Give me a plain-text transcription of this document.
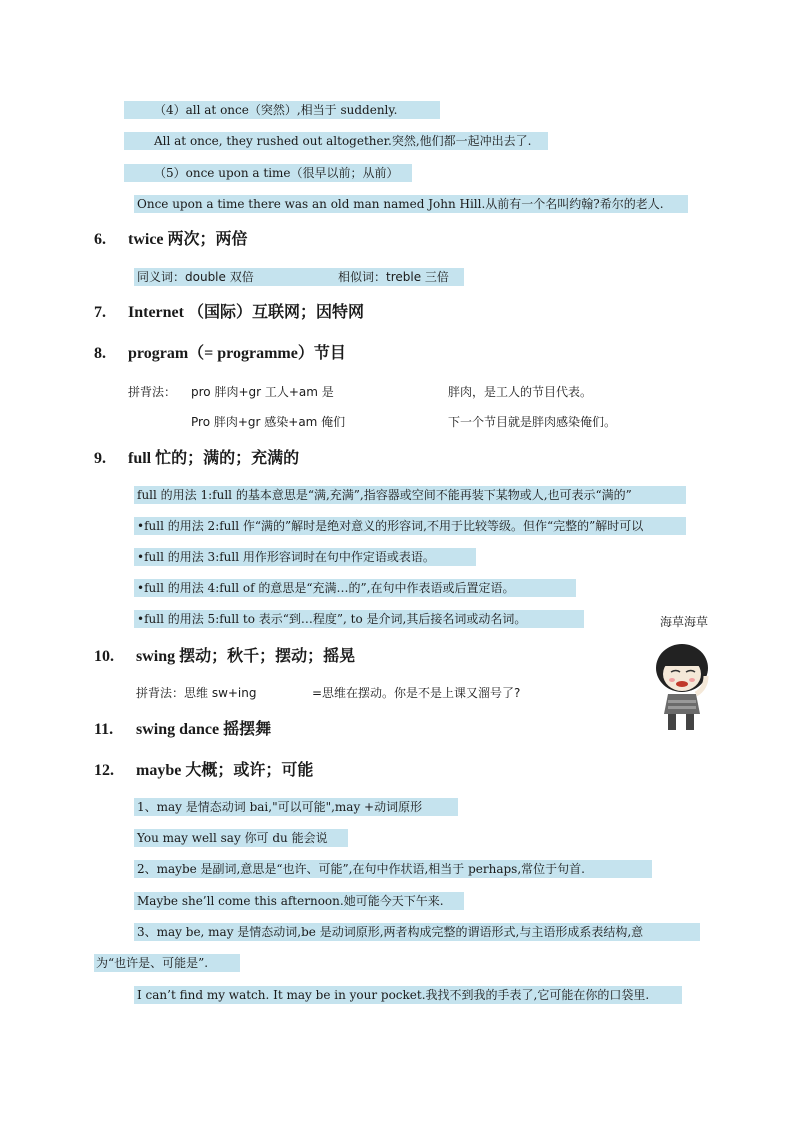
（4）all at once（突然）,相当于 suddenly.
All at once, they rushed out altogether.突然,他们都一起冲出去了.
（5）once upon a time（很早以前；从前）
Once upon a time there was an old man named John Hill.从前有一个名叫约翰?希尔的老人.
6. twice 两次；两倍
同义词：double 双倍	相似词：treble 三倍
7. Internet （国际）互联网；因特网
8. program（= programme）节目
拼背法： pro 胖肉+gr 工人+am 是	胖肉，是工人的节目代表。
Pro 胖肉+gr 感染+am 俺们	下一个节目就是胖肉感染俺们。
9. full 忙的；满的；充满的
full 的用法 1:full 的基本意思是“满,充满”,指容器或空间不能再装下某物或人,也可表示“满的”
•full 的用法 2:full 作“满的”解时是绝对意义的形容词,不用于比较等级。但作“完整的”解时可以
•full 的用法 3:full 用作形容词时在句中作定语或表语。
•full 的用法 4:full of 的意思是“充满…的”,在句中作表语或后置定语。
•full 的用法 5:full to 表示“到…程度”, to 是介词,其后接名词或动名词。	海草海草
10. swing 摆动；秋千；摆动；摇晃
拼背法：思维 sw+ing	=思维在摆动。你是不是上课又溜号了?
11. swing dance 摇摆舞
12. maybe 大概；或许；可能
1、may 是情态动词 bai,"可以可能",may +动词原形
You may well say 你可 du 能会说
2、maybe 是副词,意思是“也许、可能”,在句中作状语,相当于 perhaps,常位于句首.
Maybe she’ll come this afternoon.她可能今天下午来.
3、may be, may 是情态动词,be 是动词原形,两者构成完整的谓语形式,与主语形成系表结构,意
为“也许是、可能是”.
I can’t find my watch. It may be in your pocket.我找不到我的手表了,它可能在你的口袋里.
